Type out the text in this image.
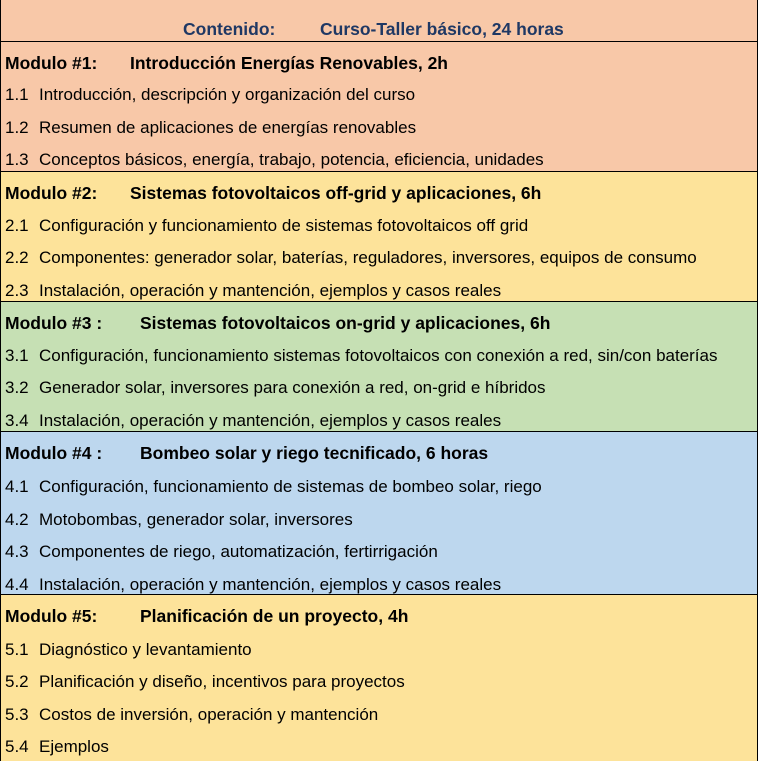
Contenido:	Curso-Taller básico, 24 horas
Modulo #1: Introducción Energías Renovables, 2h
1.1 Introducción, descripción y organización del curso
1.2 Resumen de aplicaciones de energías renovables
1.3 Conceptos básicos, energía, trabajo, potencia, eficiencia, unidades
Modulo #2: Sistemas fotovoltaicos off-grid y aplicaciones, 6h
2.1 Configuración y funcionamiento de sistemas fotovoltaicos off grid
2.2 Componentes: generador solar, baterías, reguladores, inversores, equipos de consumo
2.3 Instalación, operación y mantención, ejemplos y casos reales
Modulo #3 : Sistemas fotovoltaicos on-grid y aplicaciones, 6h
3.1 Configuración, funcionamiento sistemas fotovoltaicos con conexión a red, sin/con baterías
3.2 Generador solar, inversores para conexión a red, on-grid e híbridos
3.4 Instalación, operación y mantención, ejemplos y casos reales
Modulo #4 : Bombeo solar y riego tecnificado, 6 horas
4.1 Configuración, funcionamiento de sistemas de bombeo solar, riego
4.2 Motobombas, generador solar, inversores
4.3 Componentes de riego, automatización, fertirrigación
4.4 Instalación, operación y mantención, ejemplos y casos reales
Modulo #5: Planificación de un proyecto, 4h
5.1 Diagnóstico y levantamiento
5.2 Planificación y diseño, incentivos para proyectos
5.3 Costos de inversión, operación y mantención
5.4 Ejemplos
